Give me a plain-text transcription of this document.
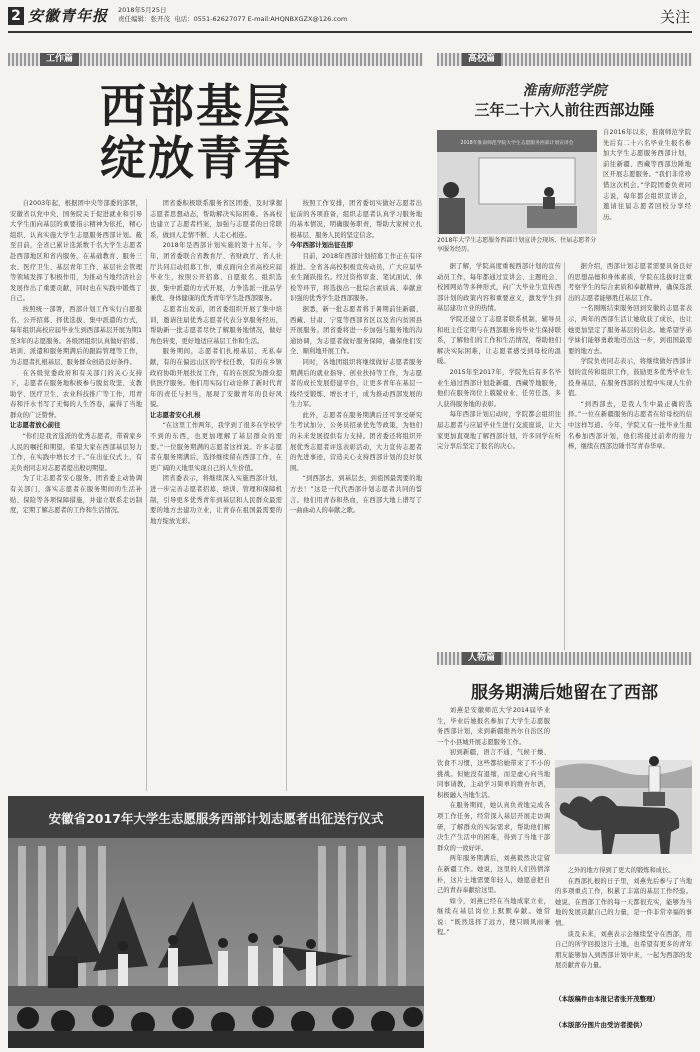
2 安徽青年报 2018年5月25日
责任编辑：张开茂 电话：0551-62627077 E-mail:AHQNBXGZX@126.com	关注
工作篇
西部基层
绽放青春

自2003年起，根据团中央等部委的部署，安徽省以党中央、国务院关于促进就业和引导大学生面向基层的重要指示精神为依托，精心组织、认真实施大学生志愿服务西部计划。截至目前，全省已累计选派数千名大学生志愿者赴西部地区和省内服务，在基础教育、服务三农、医疗卫生、基层青年工作、基层社会管理等领域发挥了积极作用，为推动当地经济社会发展作出了重要贡献，同时也在实践中锻炼了自己。

按照统一部署，西部计划工作实行自愿报名、公开招募、择优选拔、集中派遣的方式，每年组织高校应届毕业生到西部基层开展为期1至3年的志愿服务。各级团组织认真做好招募、培训、派遣和服务期满后的跟踪管理等工作，为志愿者扎根基层、服务群众创造良好条件。

在各级党委政府和有关部门的关心支持下，志愿者在服务地积极参与脱贫攻坚、支教助学、医疗卫生、农业科技推广等工作，用青春和汗水书写了无悔的人生答卷，赢得了当地群众的广泛赞誉。

让志愿者放心前往

“你们是我省选派的优秀志愿者，带着家乡人民的嘱托和期望，希望大家在西部基层努力工作，在实践中增长才干。”在出征仪式上，有关负责同志对志愿者提出殷切期望。

为了让志愿者安心服务，团省委主动协调有关部门，落实志愿者在服务期间的生活补贴、保险等各项保障措施，并建立联系走访制度，定期了解志愿者的工作和生活情况。

团省委积极联系服务省区团委，及时掌握志愿者思想动态，帮助解决实际困难。各高校也建立了志愿者档案，加强与志愿者的日常联系，做到人走情不断、人走心相连。

2018年是西部计划实施的第十五年。今年，团省委联合省教育厅、省财政厅、省人社厅共同启动招募工作，重点面向全省高校应届毕业生，按照公开招募、自愿报名、组织选拔、集中派遣的方式开展，力争选派一批品学兼优、身体健康的优秀青年学生赴西部服务。

志愿者出发前，团省委组织开展了集中培训，邀请往届优秀志愿者代表分享服务经历，帮助新一批志愿者尽快了解服务地情况，做好角色转变，更好地适应基层工作和生活。

服务期间，志愿者们扎根基层、无私奉献，有的在偏远山区的学校任教，有的在乡镇政府协助开展扶贫工作，有的在医院为群众提供医疗服务。他们用实际行动诠释了新时代青年的责任与担当，展现了安徽青年的良好风貌。

让志愿者安心扎根

“在这里工作两年，我学到了很多在学校学不到的东西，也更加理解了基层群众的需要。”一位服务期满的志愿者这样说。许多志愿者在服务期满后，选择继续留在西部工作，在更广阔的天地里实现自己的人生价值。

团省委表示，将继续深入实施西部计划，进一步完善志愿者招募、培训、管理和保障机制，引导更多优秀青年到基层和人民群众最需要的地方去建功立业，让青春在祖国最需要的地方绽放光彩。

按照工作安排，团省委切实做好志愿者出征前的各项准备，组织志愿者认真学习服务地的基本情况，明确服务职责，帮助大家树立扎根基层、服务人民的坚定信念。

今年西部计划出征在即

目前，2018年西部计划招募工作正在有序推进。全省各高校积极宣传动员，广大应届毕业生踊跃报名。经过资格审查、笔试面试、体检等环节，将选拔出一批综合素质高、奉献意识强的优秀学生赴西部服务。

据悉，新一批志愿者将于暑期前往新疆、西藏、甘肃、宁夏等西部省区以及省内贫困县开展服务。团省委将进一步加强与服务地的沟通协调，为志愿者做好服务保障，确保他们安全、顺利地开展工作。

同时，各地团组织将继续做好志愿者服务期满后的就业指导、创业扶持等工作，为志愿者的成长发展搭建平台，让更多青年在基层一线经受锻炼、增长才干，成为推动西部发展的生力军。

此外，志愿者在服务期满后还可享受研究生考试加分、公务员招录优先等政策，为他们的未来发展提供有力支持。团省委还将组织开展优秀志愿者评选表彰活动，大力宣传志愿者的先进事迹，营造关心支持西部计划的良好氛围。

“到西部去，到基层去，到祖国最需要的地方去！”这是一代代西部计划志愿者共同的誓言。他们用青春和热血，在西部大地上谱写了一曲曲动人的奉献之歌。

安徽省2017年大学生志愿服务西部计划志愿者出征送行仪式
高校篇
淮南师范学院
三年二十六人前往西部边陲
2018年淮南师范学院大学生志愿服务西部计划宣讲会
2018年大学生志愿服务西部计划宣讲会现场，往届志愿者分享服务经历。
自2016年以来，淮南师范学院先后有二十六名毕业生报名参加大学生志愿服务西部计划，前往新疆、西藏等西部边陲地区开展志愿服务。“我们非常珍惜这次机会。”学院团委负责同志说，每年都会组织宣讲会，邀请往届志愿者回校分享经历。

据了解，学院高度重视西部计划的宣传动员工作，每年都通过宣讲会、主题班会、校园网站等多种形式，向广大毕业生宣传西部计划的政策内容和重要意义，激发学生到基层建功立业的热情。

学院还建立了志愿者联系机制，辅导员和班主任定期与在西部服务的毕业生保持联系，了解他们的工作和生活情况，帮助他们解决实际困难，让志愿者感受到母校的温暖。

2015年至2017年，学院先后有多名毕业生通过西部计划赴新疆、西藏等地服务，他们在服务岗位上兢兢业业、任劳任怨，多人获得服务地的表彰。

每年西部计划启动时，学院都会组织往届志愿者与应届毕业生进行交流座谈，让大家更加直观地了解西部计划，许多同学在听完分享后坚定了报名的决心。

据介绍，西部计划志愿者需要具备良好的思想品德和身体素质，学院在选拔时注重考察学生的综合素质和奉献精神，确保选派出的志愿者能够胜任基层工作。

一名刚刚结束服务回到安徽的志愿者表示，两年的西部生活让她收获了成长，也让她更加坚定了服务基层的信念。她希望学弟学妹们能够勇敢地迈出这一步，到祖国最需要的地方去。

学院负责同志表示，将继续做好西部计划的宣传和组织工作，鼓励更多优秀毕业生投身基层，在服务西部的过程中实现人生价值。

“到西部去，是我人生中最正确的选择。”一位在新疆服务的志愿者在给母校的信中这样写道。今年，学院又有一批毕业生报名参加西部计划，他们将接过前辈的接力棒，继续在西部边陲书写青春华章。

人物篇
服务期满后她留在了西部

刘燕是安徽师范大学2014届毕业生，毕业后她报名参加了大学生志愿服务西部计划，来到新疆维吾尔自治区的一个小县城开展志愿服务工作。

初到新疆，语言不通、气候干燥、饮食不习惯，这些都给她带来了不小的挑战。但她没有退缩，而是虚心向当地同事请教，主动学习简单的维吾尔语，积极融入当地生活。

在服务期间，她认真负责地完成各项工作任务，经常深入基层开展走访调研，了解群众的实际需求，帮助他们解决生产生活中的困难，得到了当地干部群众的一致好评。

两年服务期满后，刘燕毅然决定留在新疆工作。她说，这里的人们热情淳朴，这片土地需要年轻人，她愿意把自己的青春奉献给这里。

如今，刘燕已经在当地成家立业，继续在基层岗位上默默奉献。她常说：“既然选择了远方，便只顾风雨兼程。”

之外的地方得到了更大的锻炼和成长。

在西部扎根的日子里，刘燕先后参与了当地的多项重点工作，积累了丰富的基层工作经验。她说，在西部工作的每一天都很充实，能够为当地的发展贡献自己的力量，是一件非常幸福的事情。

谈及未来，刘燕表示会继续坚守在西部，用自己的所学回报这片土地，也希望有更多的青年朋友能够加入到西部计划中来，一起为西部的发展贡献青春力量。

（本版稿件由本报记者张开茂整理）
（本版部分图片由受访者提供）
